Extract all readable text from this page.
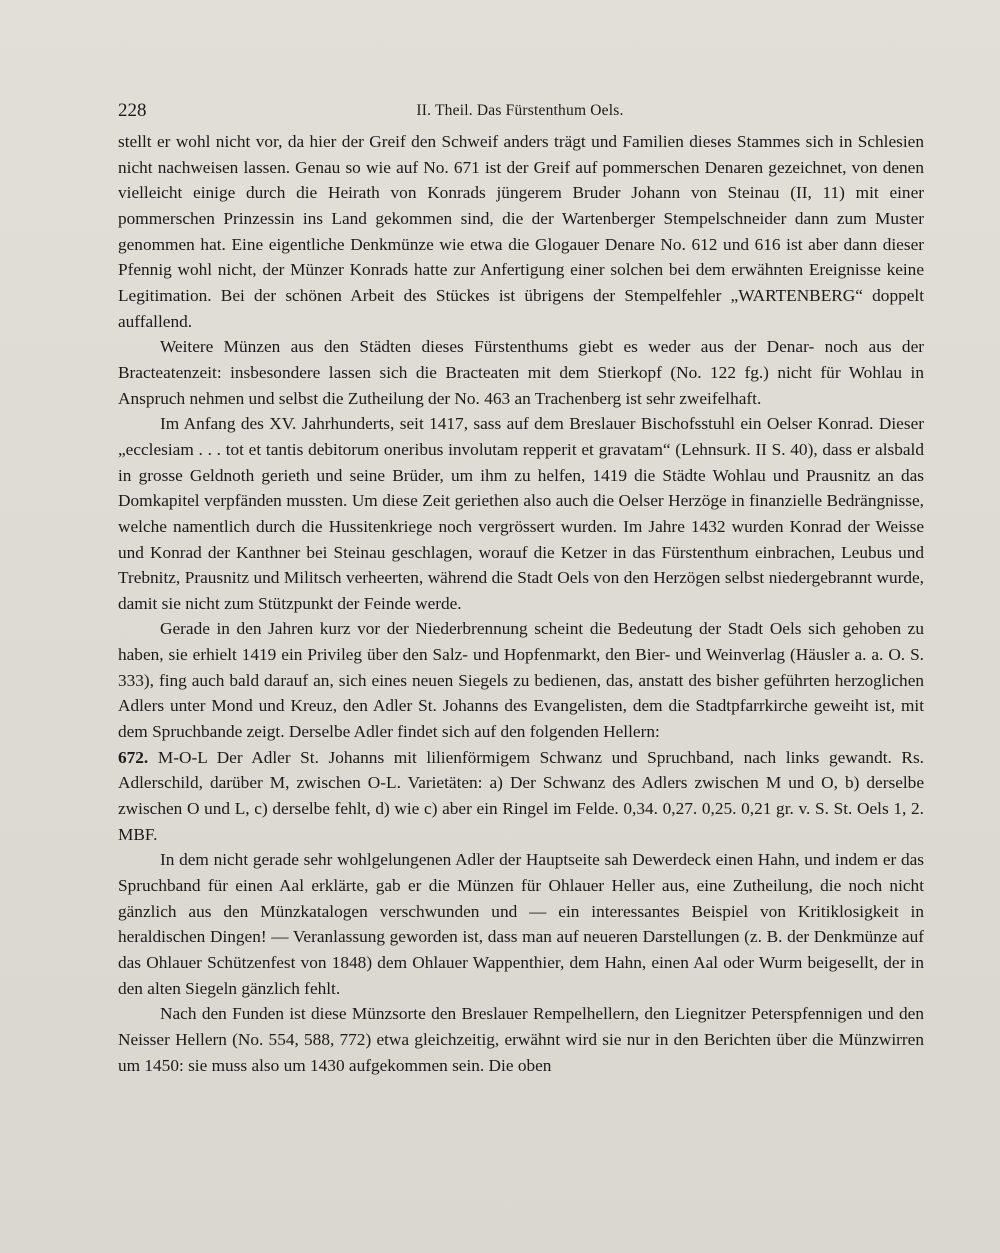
228	II. Theil. Das Fürstenthum Oels.

stellt er wohl nicht vor, da hier der Greif den Schweif anders trägt und Familien dieses Stammes sich in Schlesien nicht nachweisen lassen. Genau so wie auf No. 671 ist der Greif auf pommerschen Denaren gezeichnet, von denen vielleicht einige durch die Heirath von Konrads jüngerem Bruder Johann von Steinau (II, 11) mit einer pommerschen Prinzessin ins Land gekommen sind, die der Wartenberger Stempelschneider dann zum Muster genommen hat. Eine eigentliche Denkmünze wie etwa die Glogauer Denare No. 612 und 616 ist aber dann dieser Pfennig wohl nicht, der Münzer Konrads hatte zur Anfertigung einer solchen bei dem erwähnten Ereignisse keine Legitimation. Bei der schönen Arbeit des Stückes ist übrigens der Stempelfehler „WARTENBERG“ doppelt auffallend.

Weitere Münzen aus den Städten dieses Fürstenthums giebt es weder aus der Denar- noch aus der Bracteatenzeit: insbesondere lassen sich die Bracteaten mit dem Stierkopf (No. 122 fg.) nicht für Wohlau in Anspruch nehmen und selbst die Zutheilung der No. 463 an Trachenberg ist sehr zweifelhaft.

Im Anfang des XV. Jahrhunderts, seit 1417, sass auf dem Breslauer Bischofsstuhl ein Oelser Konrad. Dieser „ecclesiam . . . tot et tantis debitorum oneribus involutam repperit et gravatam“ (Lehnsurk. II S. 40), dass er alsbald in grosse Geldnoth gerieth und seine Brüder, um ihm zu helfen, 1419 die Städte Wohlau und Prausnitz an das Domkapitel verpfänden mussten. Um diese Zeit geriethen also auch die Oelser Herzöge in finanzielle Bedrängnisse, welche namentlich durch die Hussitenkriege noch vergrössert wurden. Im Jahre 1432 wurden Konrad der Weisse und Konrad der Kanthner bei Steinau geschlagen, worauf die Ketzer in das Fürstenthum einbrachen, Leubus und Trebnitz, Prausnitz und Militsch verheerten, während die Stadt Oels von den Herzögen selbst niedergebrannt wurde, damit sie nicht zum Stützpunkt der Feinde werde.

Gerade in den Jahren kurz vor der Niederbrennung scheint die Bedeutung der Stadt Oels sich gehoben zu haben, sie erhielt 1419 ein Privileg über den Salz- und Hopfenmarkt, den Bier- und Weinverlag (Häusler a. a. O. S. 333), fing auch bald darauf an, sich eines neuen Siegels zu bedienen, das, anstatt des bisher geführten herzoglichen Adlers unter Mond und Kreuz, den Adler St. Johanns des Evangelisten, dem die Stadtpfarrkirche geweiht ist, mit dem Spruchbande zeigt. Derselbe Adler findet sich auf den folgenden Hellern:

672. M-O-L Der Adler St. Johanns mit lilienförmigem Schwanz und Spruchband, nach links gewandt. Rs. Adlerschild, darüber M, zwischen O-L. Varietäten: a) Der Schwanz des Adlers zwischen M und O, b) derselbe zwischen O und L, c) derselbe fehlt, d) wie c) aber ein Ringel im Felde. 0,34. 0,27. 0,25. 0,21 gr. v. S. St. Oels 1, 2. MBF.

In dem nicht gerade sehr wohlgelungenen Adler der Hauptseite sah Dewerdeck einen Hahn, und indem er das Spruchband für einen Aal erklärte, gab er die Münzen für Ohlauer Heller aus, eine Zutheilung, die noch nicht gänzlich aus den Münzkatalogen verschwunden und — ein interessantes Beispiel von Kritiklosigkeit in heraldischen Dingen! — Veranlassung geworden ist, dass man auf neueren Darstellungen (z. B. der Denkmünze auf das Ohlauer Schützenfest von 1848) dem Ohlauer Wappenthier, dem Hahn, einen Aal oder Wurm beigesellt, der in den alten Siegeln gänzlich fehlt.

Nach den Funden ist diese Münzsorte den Breslauer Rempelhellern, den Liegnitzer Peterspfennigen und den Neisser Hellern (No. 554, 588, 772) etwa gleichzeitig, erwähnt wird sie nur in den Berichten über die Münzwirren um 1450: sie muss also um 1430 aufgekommen sein. Die oben
